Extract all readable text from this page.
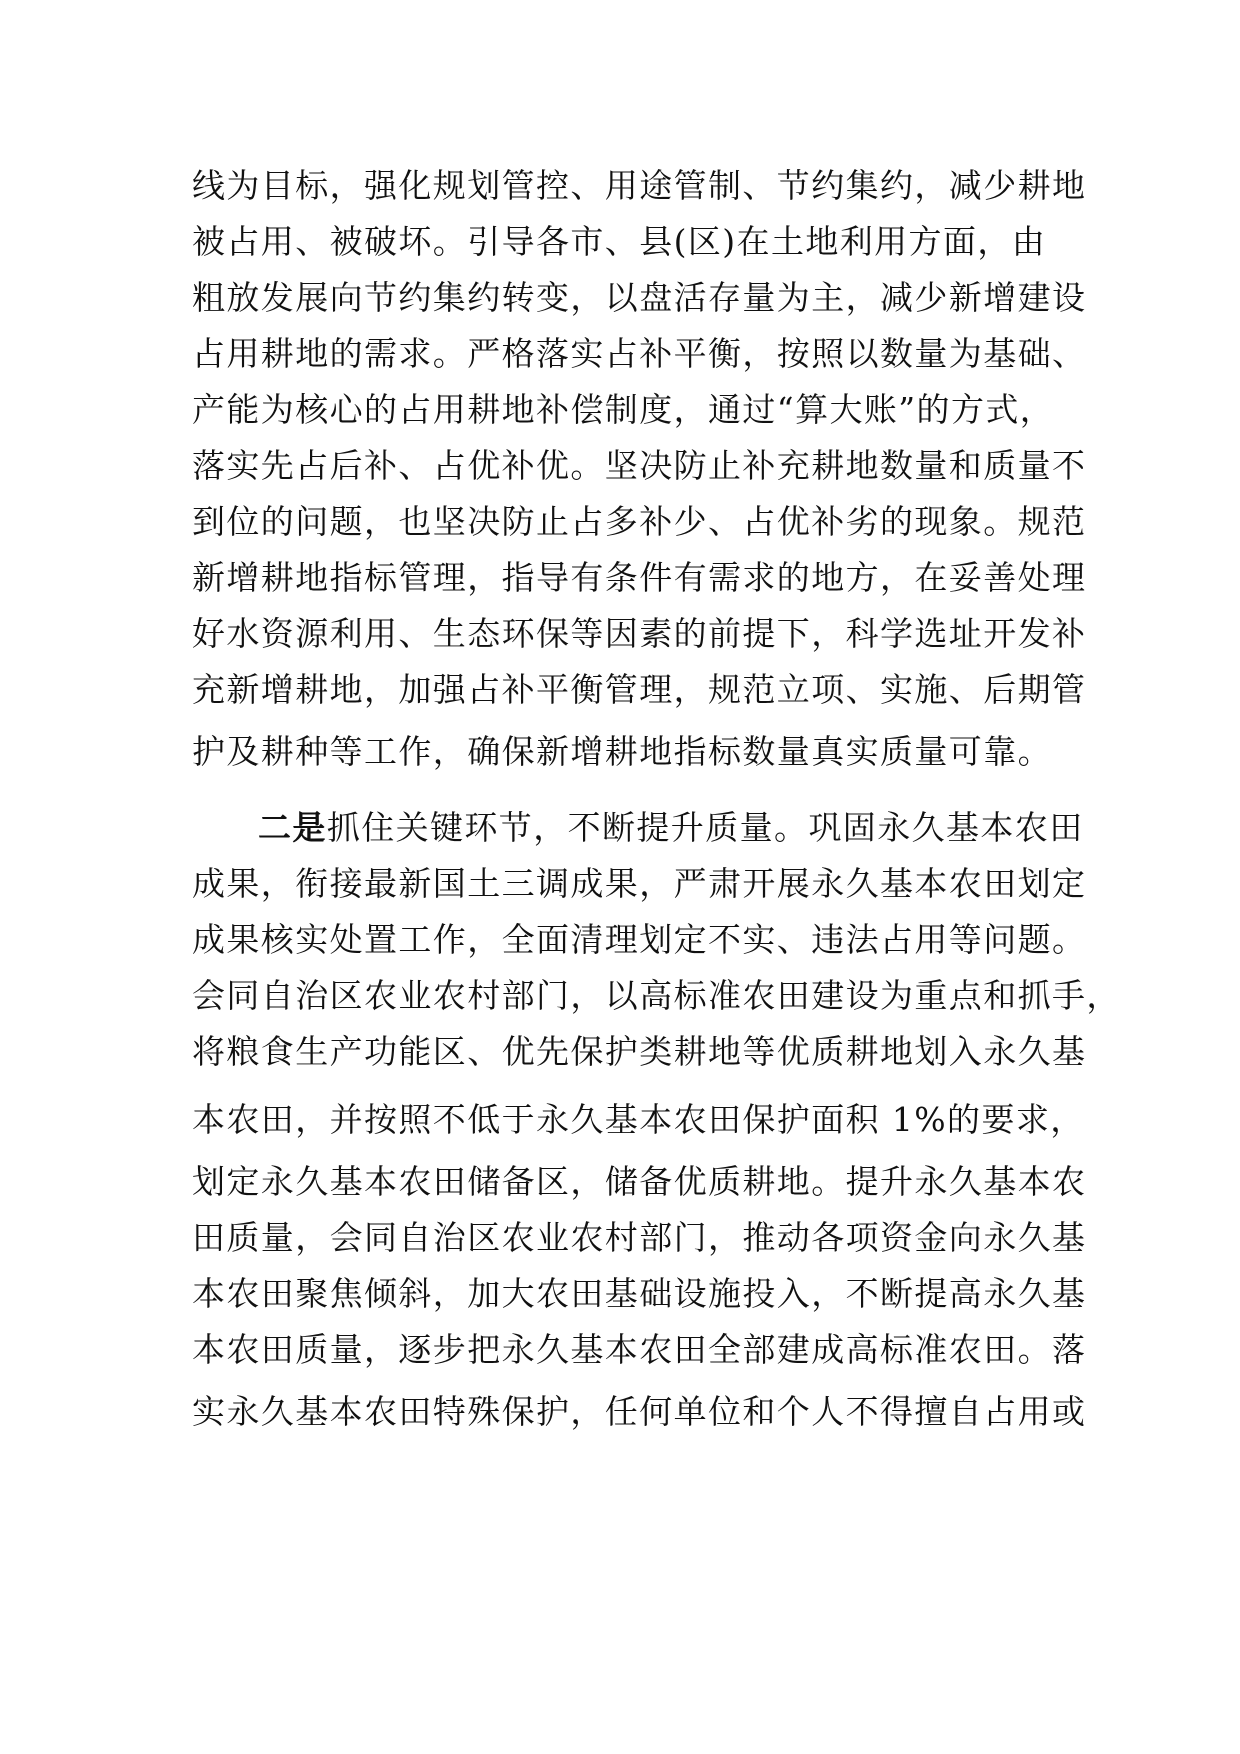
线为目标，强化规划管控、用途管制、节约集约，减少耕地
被占用、被破坏。引导各市、县(区)在土地利用方面，由
粗放发展向节约集约转变，以盘活存量为主，减少新增建设
占用耕地的需求。严格落实占补平衡，按照以数量为基础、
产能为核心的占用耕地补偿制度，通过“算大账”的方式，
落实先占后补、占优补优。坚决防止补充耕地数量和质量不
到位的问题，也坚决防止占多补少、占优补劣的现象。规范
新增耕地指标管理，指导有条件有需求的地方，在妥善处理
好水资源利用、生态环保等因素的前提下，科学选址开发补
充新增耕地，加强占补平衡管理，规范立项、实施、后期管
护及耕种等工作，确保新增耕地指标数量真实质量可靠。
二是抓住关键环节，不断提升质量。巩固永久基本农田
成果，衔接最新国土三调成果，严肃开展永久基本农田划定
成果核实处置工作，全面清理划定不实、违法占用等问题。
会同自治区农业农村部门，以高标准农田建设为重点和抓手，
将粮食生产功能区、优先保护类耕地等优质耕地划入永久基
本农田，并按照不低于永久基本农田保护面积 1%的要求，
划定永久基本农田储备区，储备优质耕地。提升永久基本农
田质量，会同自治区农业农村部门，推动各项资金向永久基
本农田聚焦倾斜，加大农田基础设施投入，不断提高永久基
本农田质量，逐步把永久基本农田全部建成高标准农田。落
实永久基本农田特殊保护，任何单位和个人不得擅自占用或
